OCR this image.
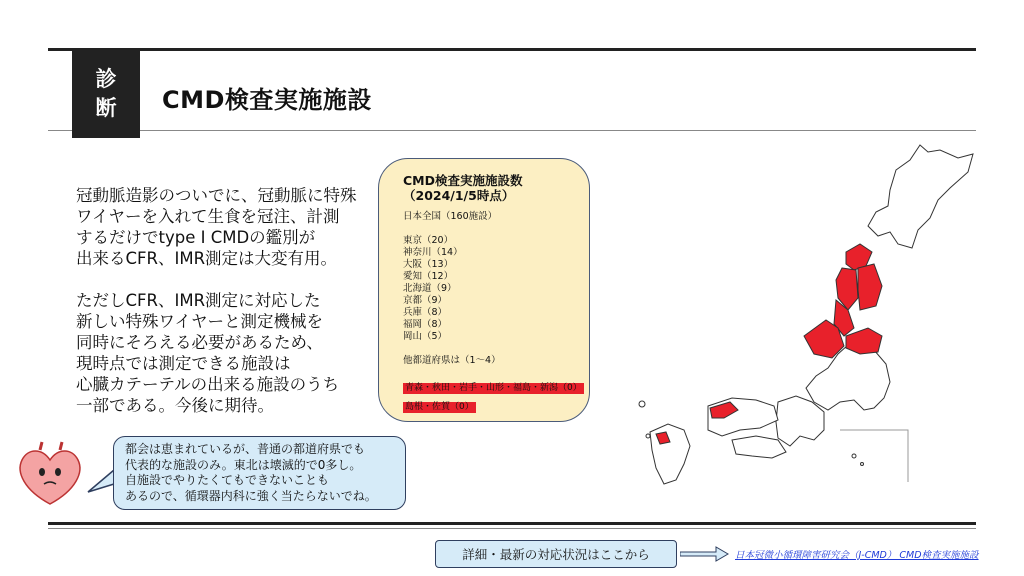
診
断 CMD検査実施施設
冠動脈造影のついでに、冠動脈に特殊
ワイヤーを入れて生食を冠注、計測
するだけでtype Ⅰ CMDの鑑別が
出来るCFR、IMR測定は大変有用。
ただしCFR、IMR測定に対応した
新しい特殊ワイヤーと測定機械を
同時にそろえる必要があるため、
現時点では測定できる施設は
心臓カテーテルの出来る施設のうち
一部である。今後に期待。
CMD検査実施施設数
（2024/1/5時点）
日本全国（160施設）
東京（20）
神奈川（14）
大阪（13）
愛知（12）
北海道（9）
京都（9）
兵庫（8）
福岡（8）
岡山（5）
他都道府県は（1～4）
青森・秋田・岩手・山形・福島・新潟（0）
島根・佐賀（0）
都会は恵まれているが、普通の都道府県でも
代表的な施設のみ。東北は壊滅的で0多し。
自施設でやりたくてもできないことも
あるので、循環器内科に強く当たらないでね。
詳細・最新の対応状況はここから	日本冠微小循環障害研究会（J-CMD） CMD検査実施施設
